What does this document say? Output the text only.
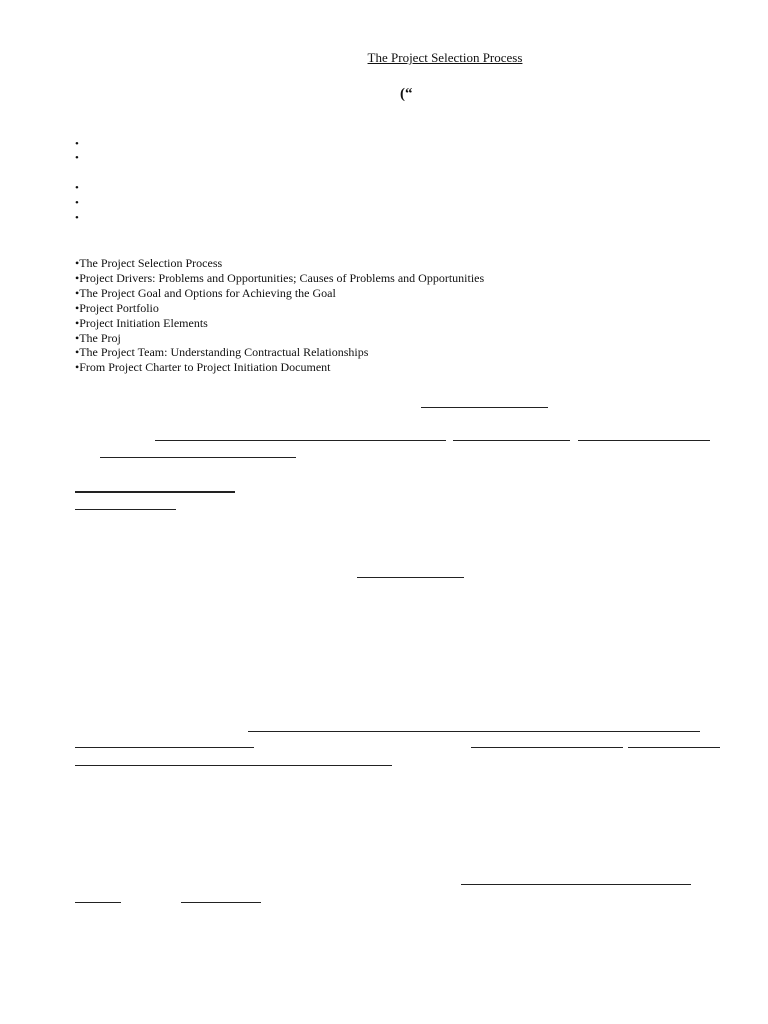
The Project Selection Process
(“
•
•
•
•
•
•The Project Selection Process
•Project Drivers: Problems and Opportunities; Causes of Problems and Opportunities
•The Project Goal and Options for Achieving the Goal
•Project Portfolio
•Project Initiation Elements
•The Proj
•The Project Team: Understanding Contractual Relationships
•From Project Charter to Project Initiation Document
